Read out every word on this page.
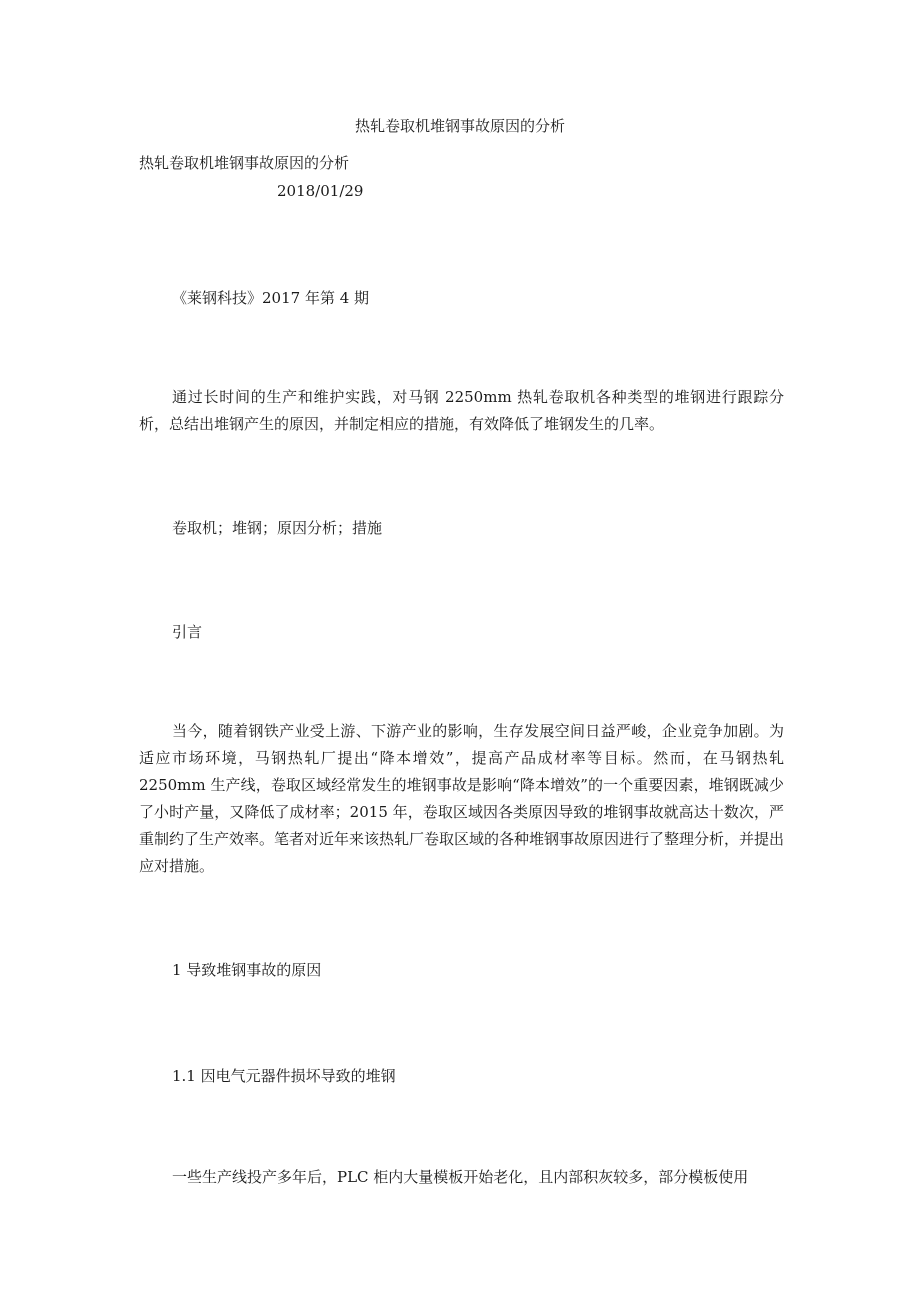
热轧卷取机堆钢事故原因的分析

热轧卷取机堆钢事故原因的分析

2018/01/29

《莱钢科技》2017 年第 4 期

通过长时间的生产和维护实践，对马钢 2250mm 热轧卷取机各种类型的堆钢进行跟踪分析，总结出堆钢产生的原因，并制定相应的措施，有效降低了堆钢发生的几率。

卷取机；堆钢；原因分析；措施

引言

当今，随着钢铁产业受上游、下游产业的影响，生存发展空间日益严峻，企业竞争加剧。为适应市场环境，马钢热轧厂提出“降本增效”，提高产品成材率等目标。然而，在马钢热轧 2250mm 生产线，卷取区域经常发生的堆钢事故是影响“降本增效”的一个重要因素，堆钢既减少了小时产量，又降低了成材率；2015 年，卷取区域因各类原因导致的堆钢事故就高达十数次，严重制约了生产效率。笔者对近年来该热轧厂卷取区域的各种堆钢事故原因进行了整理分析，并提出应对措施。

1 导致堆钢事故的原因

1.1 因电气元器件损坏导致的堆钢

一些生产线投产多年后，PLC 柜内大量模板开始老化，且内部积灰较多，部分模板使用
